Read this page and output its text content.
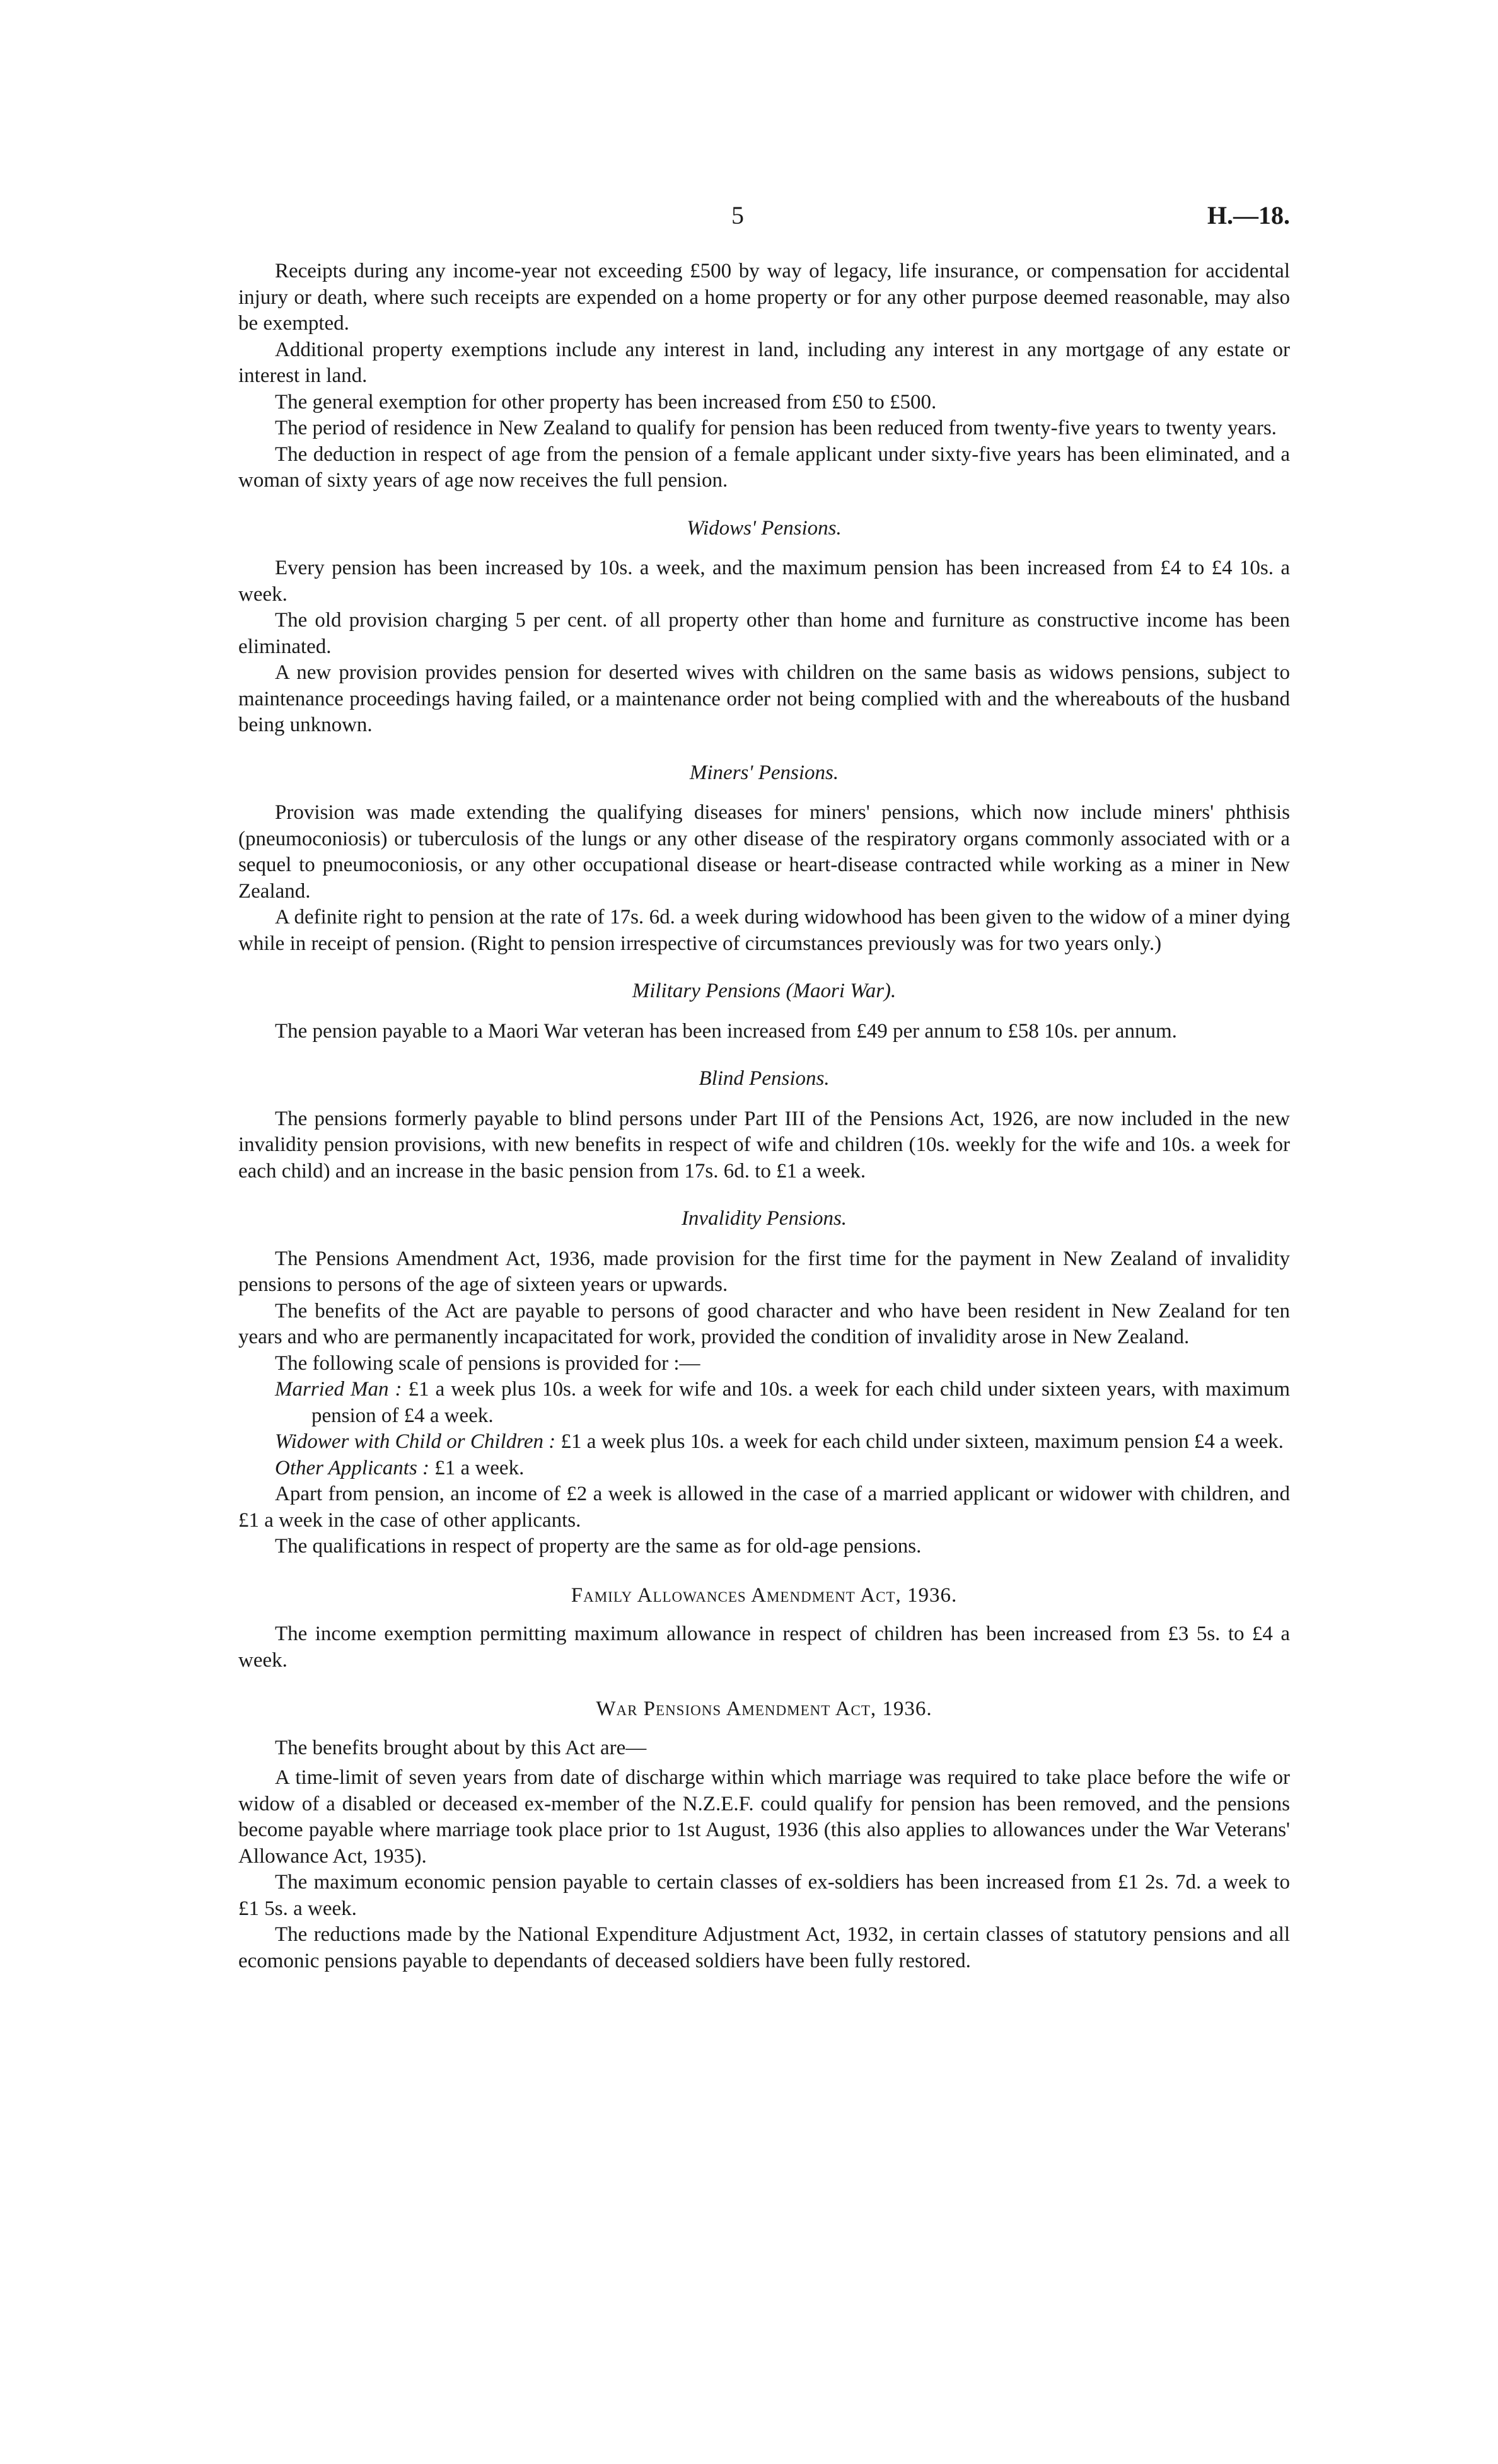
5	H.—18.

Receipts during any income-year not exceeding £500 by way of legacy, life insurance, or compensation for accidental injury or death, where such receipts are expended on a home property or for any other purpose deemed reasonable, may also be exempted.

Additional property exemptions include any interest in land, including any interest in any mortgage of any estate or interest in land.

The general exemption for other property has been increased from £50 to £500.

The period of residence in New Zealand to qualify for pension has been reduced from twenty-five years to twenty years.

The deduction in respect of age from the pension of a female applicant under sixty-five years has been eliminated, and a woman of sixty years of age now receives the full pension.

Widows' Pensions.

Every pension has been increased by 10s. a week, and the maximum pension has been increased from £4 to £4 10s. a week.

The old provision charging 5 per cent. of all property other than home and furniture as constructive income has been eliminated.

A new provision provides pension for deserted wives with children on the same basis as widows pensions, subject to maintenance proceedings having failed, or a maintenance order not being complied with and the whereabouts of the husband being unknown.

Miners' Pensions.

Provision was made extending the qualifying diseases for miners' pensions, which now include miners' phthisis (pneumoconiosis) or tuberculosis of the lungs or any other disease of the respiratory organs commonly associated with or a sequel to pneumoconiosis, or any other occupational disease or heart-disease contracted while working as a miner in New Zealand.

A definite right to pension at the rate of 17s. 6d. a week during widowhood has been given to the widow of a miner dying while in receipt of pension. (Right to pension irrespective of circumstances previously was for two years only.)

Military Pensions (Maori War).

The pension payable to a Maori War veteran has been increased from £49 per annum to £58 10s. per annum.

Blind Pensions.

The pensions formerly payable to blind persons under Part III of the Pensions Act, 1926, are now included in the new invalidity pension provisions, with new benefits in respect of wife and children (10s. weekly for the wife and 10s. a week for each child) and an increase in the basic pension from 17s. 6d. to £1 a week.

Invalidity Pensions.

The Pensions Amendment Act, 1936, made provision for the first time for the payment in New Zealand of invalidity pensions to persons of the age of sixteen years or upwards.

The benefits of the Act are payable to persons of good character and who have been resident in New Zealand for ten years and who are permanently incapacitated for work, provided the condition of invalidity arose in New Zealand.

The following scale of pensions is provided for :—

Married Man : £1 a week plus 10s. a week for wife and 10s. a week for each child under sixteen years, with maximum pension of £4 a week.
Widower with Child or Children : £1 a week plus 10s. a week for each child under sixteen, maximum pension £4 a week.
Other Applicants : £1 a week.

Apart from pension, an income of £2 a week is allowed in the case of a married applicant or widower with children, and £1 a week in the case of other applicants.

The qualifications in respect of property are the same as for old-age pensions.

Family Allowances Amendment Act, 1936.

The income exemption permitting maximum allowance in respect of children has been increased from £3 5s. to £4 a week.

War Pensions Amendment Act, 1936.

The benefits brought about by this Act are—

A time-limit of seven years from date of discharge within which marriage was required to take place before the wife or widow of a disabled or deceased ex-member of the N.Z.E.F. could qualify for pension has been removed, and the pensions become payable where marriage took place prior to 1st August, 1936 (this also applies to allowances under the War Veterans' Allowance Act, 1935).

The maximum economic pension payable to certain classes of ex-soldiers has been increased from £1 2s. 7d. a week to £1 5s. a week.

The reductions made by the National Expenditure Adjustment Act, 1932, in certain classes of statutory pensions and all ecomonic pensions payable to dependants of deceased soldiers have been fully restored.
